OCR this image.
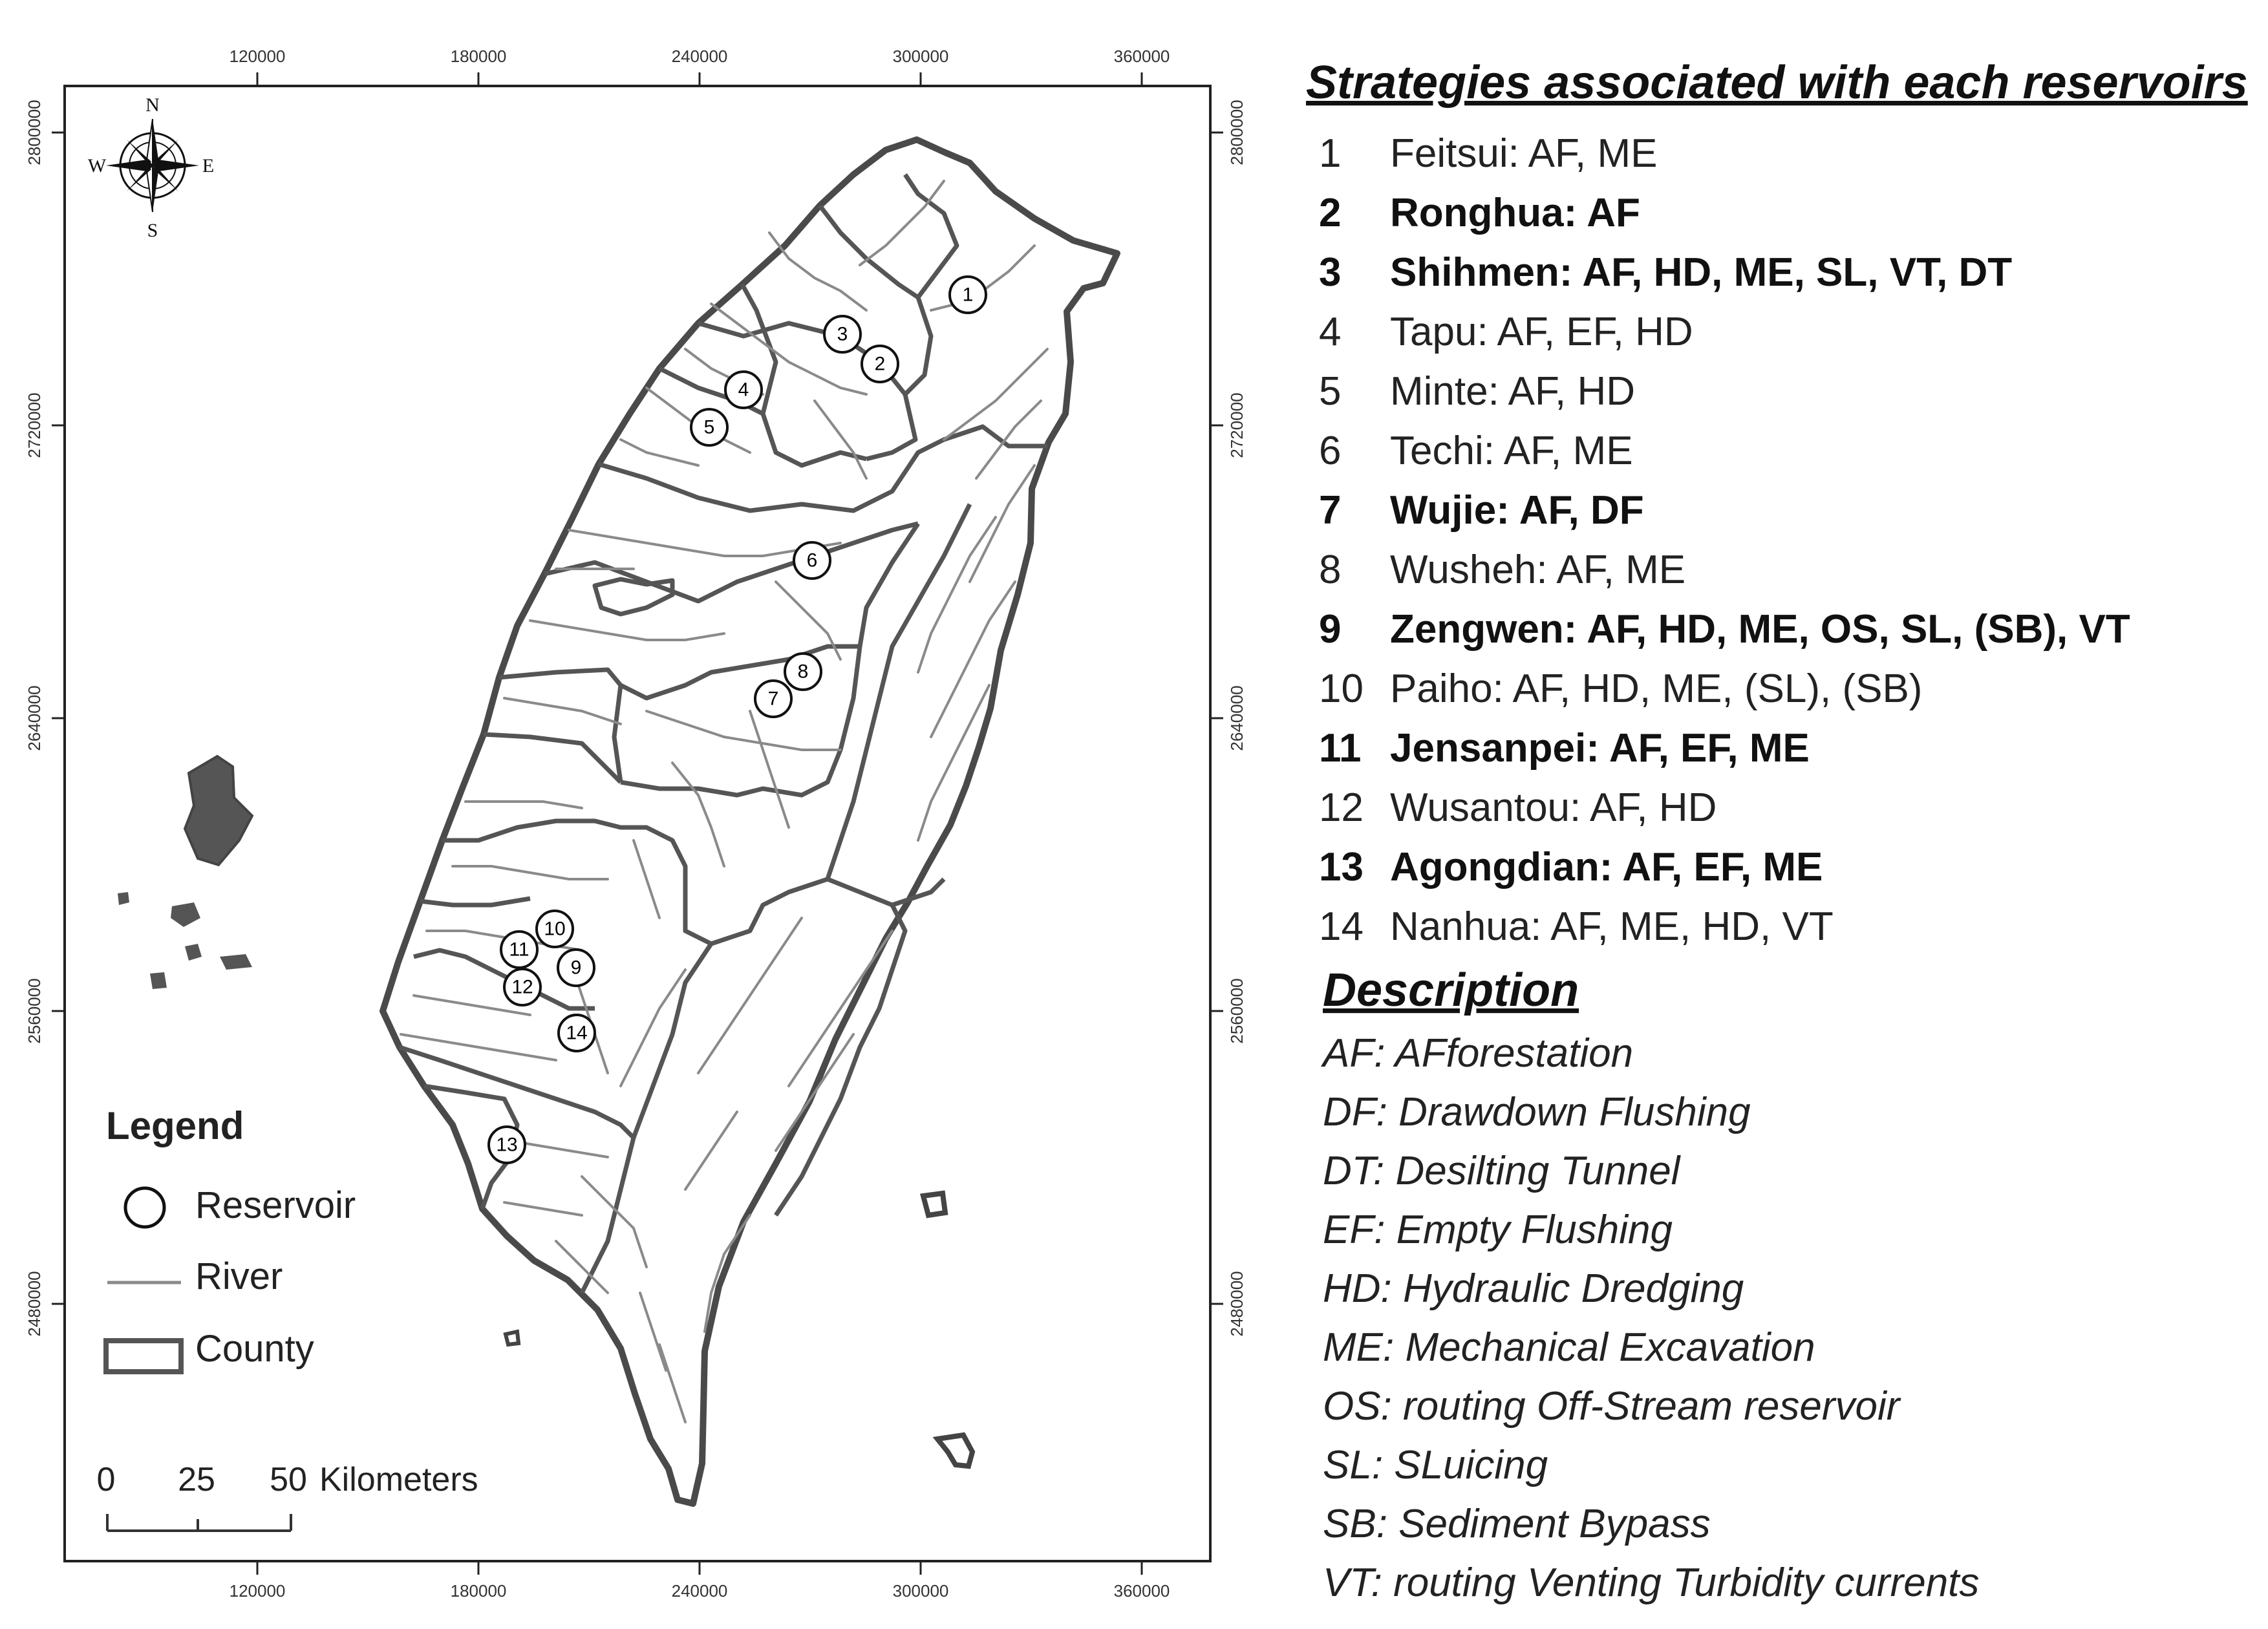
120000	180000	240000	300000	360000
120000	180000	240000	300000	360000
2800000
2720000
2640000
2560000
2480000
2800000
2720000
2640000
2560000
2480000
1
2
3
4
5
6
7
8
9
10
11
12
13
14
N
S
E
W
Legend
Reservoir
River
County
0 25 50 Kilometers
Strategies associated with each reservoirs
1 Feitsui: AF, ME
2 Ronghua: AF
3 Shihmen: AF, HD, ME, SL, VT, DT
4 Tapu: AF, EF, HD
5 Minte: AF, HD
6 Techi: AF, ME
7 Wujie: AF, DF
8 Wusheh: AF, ME
9 Zengwen: AF, HD, ME, OS, SL, (SB), VT
10 Paiho: AF, HD, ME, (SL), (SB)
11 Jensanpei: AF, EF, ME
12 Wusantou: AF, HD
13 Agongdian: AF, EF, ME
14 Nanhua: AF, ME, HD, VT
Description
AF: AFforestation
DF: Drawdown Flushing
DT: Desilting Tunnel
EF: Empty Flushing
HD: Hydraulic Dredging
ME: Mechanical Excavation
OS: routing Off-Stream reservoir
SL: SLuicing
SB: Sediment Bypass
VT: routing Venting Turbidity currents
